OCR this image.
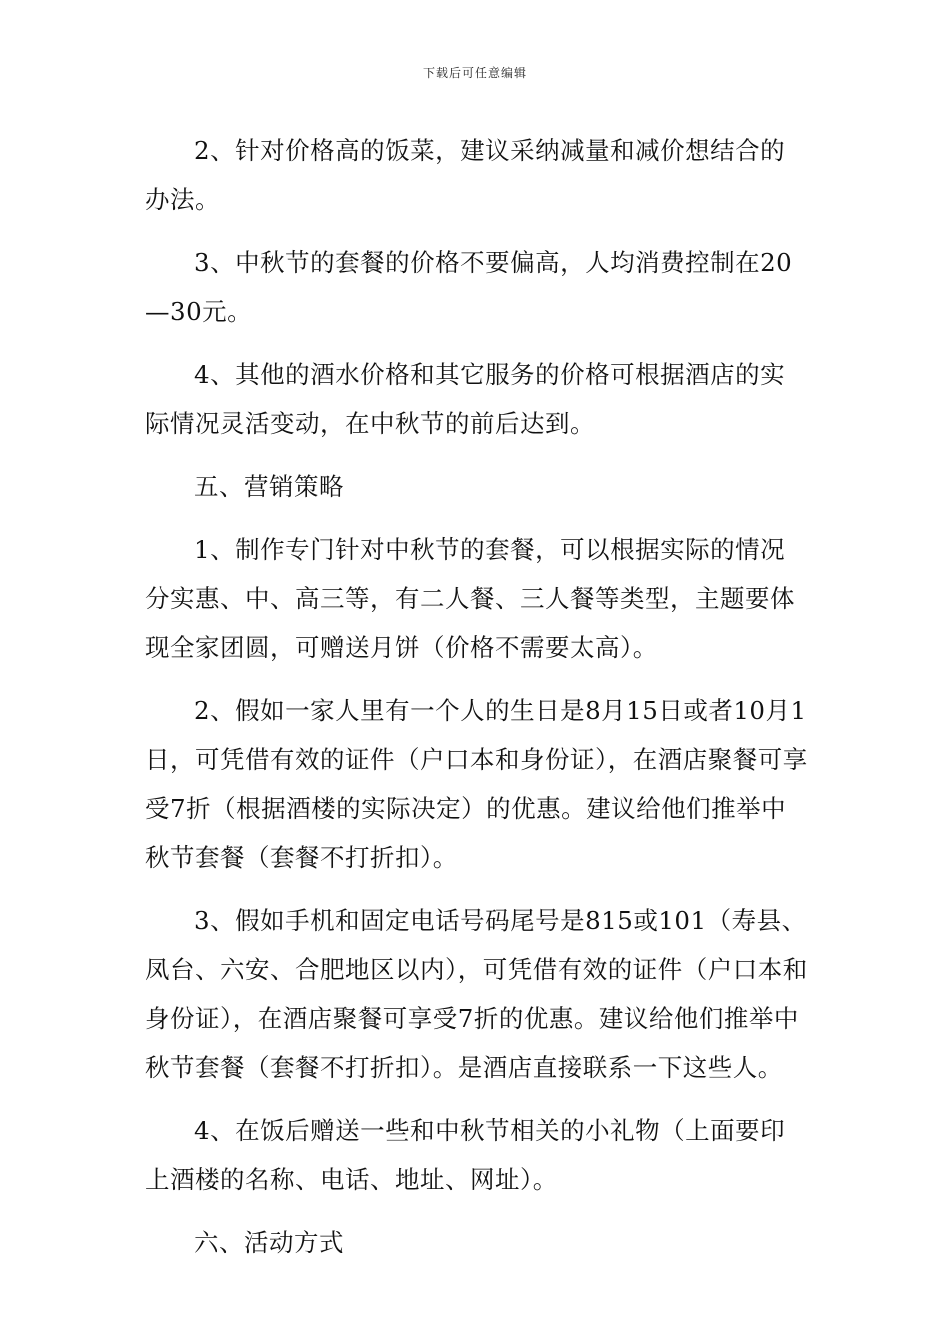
下载后可任意编辑

2、针对价格高的饭菜，建议采纳减量和减价想结合的办法。

3、中秋节的套餐的价格不要偏高，人均消费控制在20—30元。

4、其他的酒水价格和其它服务的价格可根据酒店的实际情况灵活变动，在中秋节的前后达到。

五、营销策略

1、制作专门针对中秋节的套餐，可以根据实际的情况分实惠、中、高三等，有二人餐、三人餐等类型，主题要体现全家团圆，可赠送月饼（价格不需要太高）。

2、假如一家人里有一个人的生日是8月15日或者10月1日，可凭借有效的证件（户口本和身份证），在酒店聚餐可享受7折（根据酒楼的实际决定）的优惠。建议给他们推举中秋节套餐（套餐不打折扣）。

3、假如手机和固定电话号码尾号是815或101（寿县、凤台、六安、合肥地区以内），可凭借有效的证件（户口本和身份证），在酒店聚餐可享受7折的优惠。建议给他们推举中秋节套餐（套餐不打折扣）。是酒店直接联系一下这些人。

4、在饭后赠送一些和中秋节相关的小礼物（上面要印上酒楼的名称、电话、地址、网址）。

六、活动方式
